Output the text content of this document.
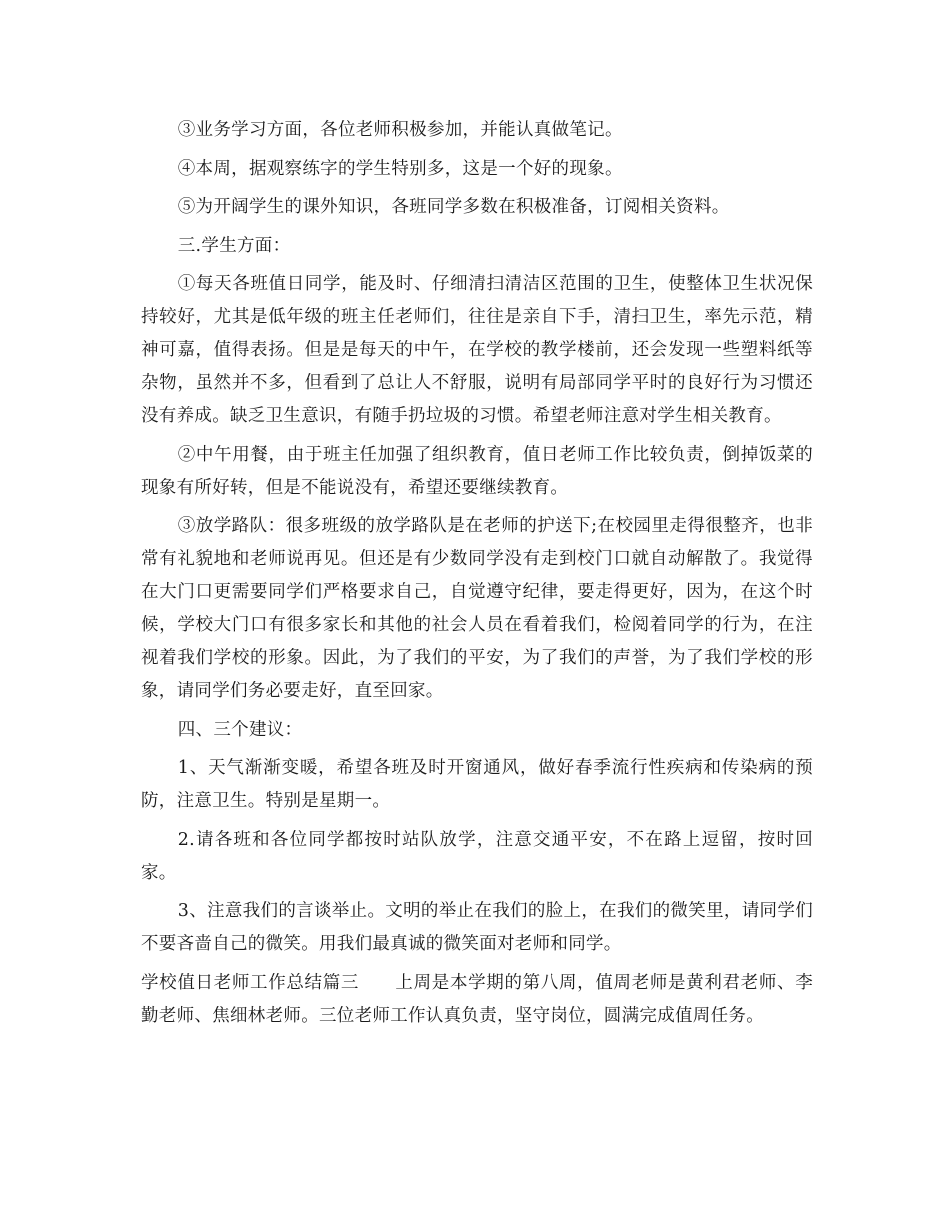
③业务学习方面，各位老师积极参加，并能认真做笔记。

④本周，据观察练字的学生特别多，这是一个好的现象。

⑤为开阔学生的课外知识，各班同学多数在积极准备，订阅相关资料。

三.学生方面：

①每天各班值日同学，能及时、仔细清扫清洁区范围的卫生，使整体卫生状况保持较好，尤其是低年级的班主任老师们，往往是亲自下手，清扫卫生，率先示范，精神可嘉，值得表扬。但是是每天的中午，在学校的教学楼前，还会发现一些塑料纸等杂物，虽然并不多，但看到了总让人不舒服，说明有局部同学平时的良好行为习惯还没有养成。缺乏卫生意识，有随手扔垃圾的习惯。希望老师注意对学生相关教育。

②中午用餐，由于班主任加强了组织教育，值日老师工作比较负责，倒掉饭菜的现象有所好转，但是不能说没有，希望还要继续教育。

③放学路队：很多班级的放学路队是在老师的护送下;在校园里走得很整齐，也非常有礼貌地和老师说再见。但还是有少数同学没有走到校门口就自动解散了。我觉得在大门口更需要同学们严格要求自己，自觉遵守纪律，要走得更好，因为，在这个时候，学校大门口有很多家长和其他的社会人员在看着我们，检阅着同学的行为，在注视着我们学校的形象。因此，为了我们的平安，为了我们的声誉，为了我们学校的形象，请同学们务必要走好，直至回家。

四、三个建议：

1、天气渐渐变暖，希望各班及时开窗通风，做好春季流行性疾病和传染病的预防，注意卫生。特别是星期一。

2.请各班和各位同学都按时站队放学，注意交通平安，不在路上逗留，按时回家。

3、注意我们的言谈举止。文明的举止在我们的脸上，在我们的微笑里，请同学们不要吝啬自己的微笑。用我们最真诚的微笑面对老师和同学。

学校值日老师工作总结篇三 上周是本学期的第八周，值周老师是黄利君老师、李勤老师、焦细林老师。三位老师工作认真负责，坚守岗位，圆满完成值周任务。
